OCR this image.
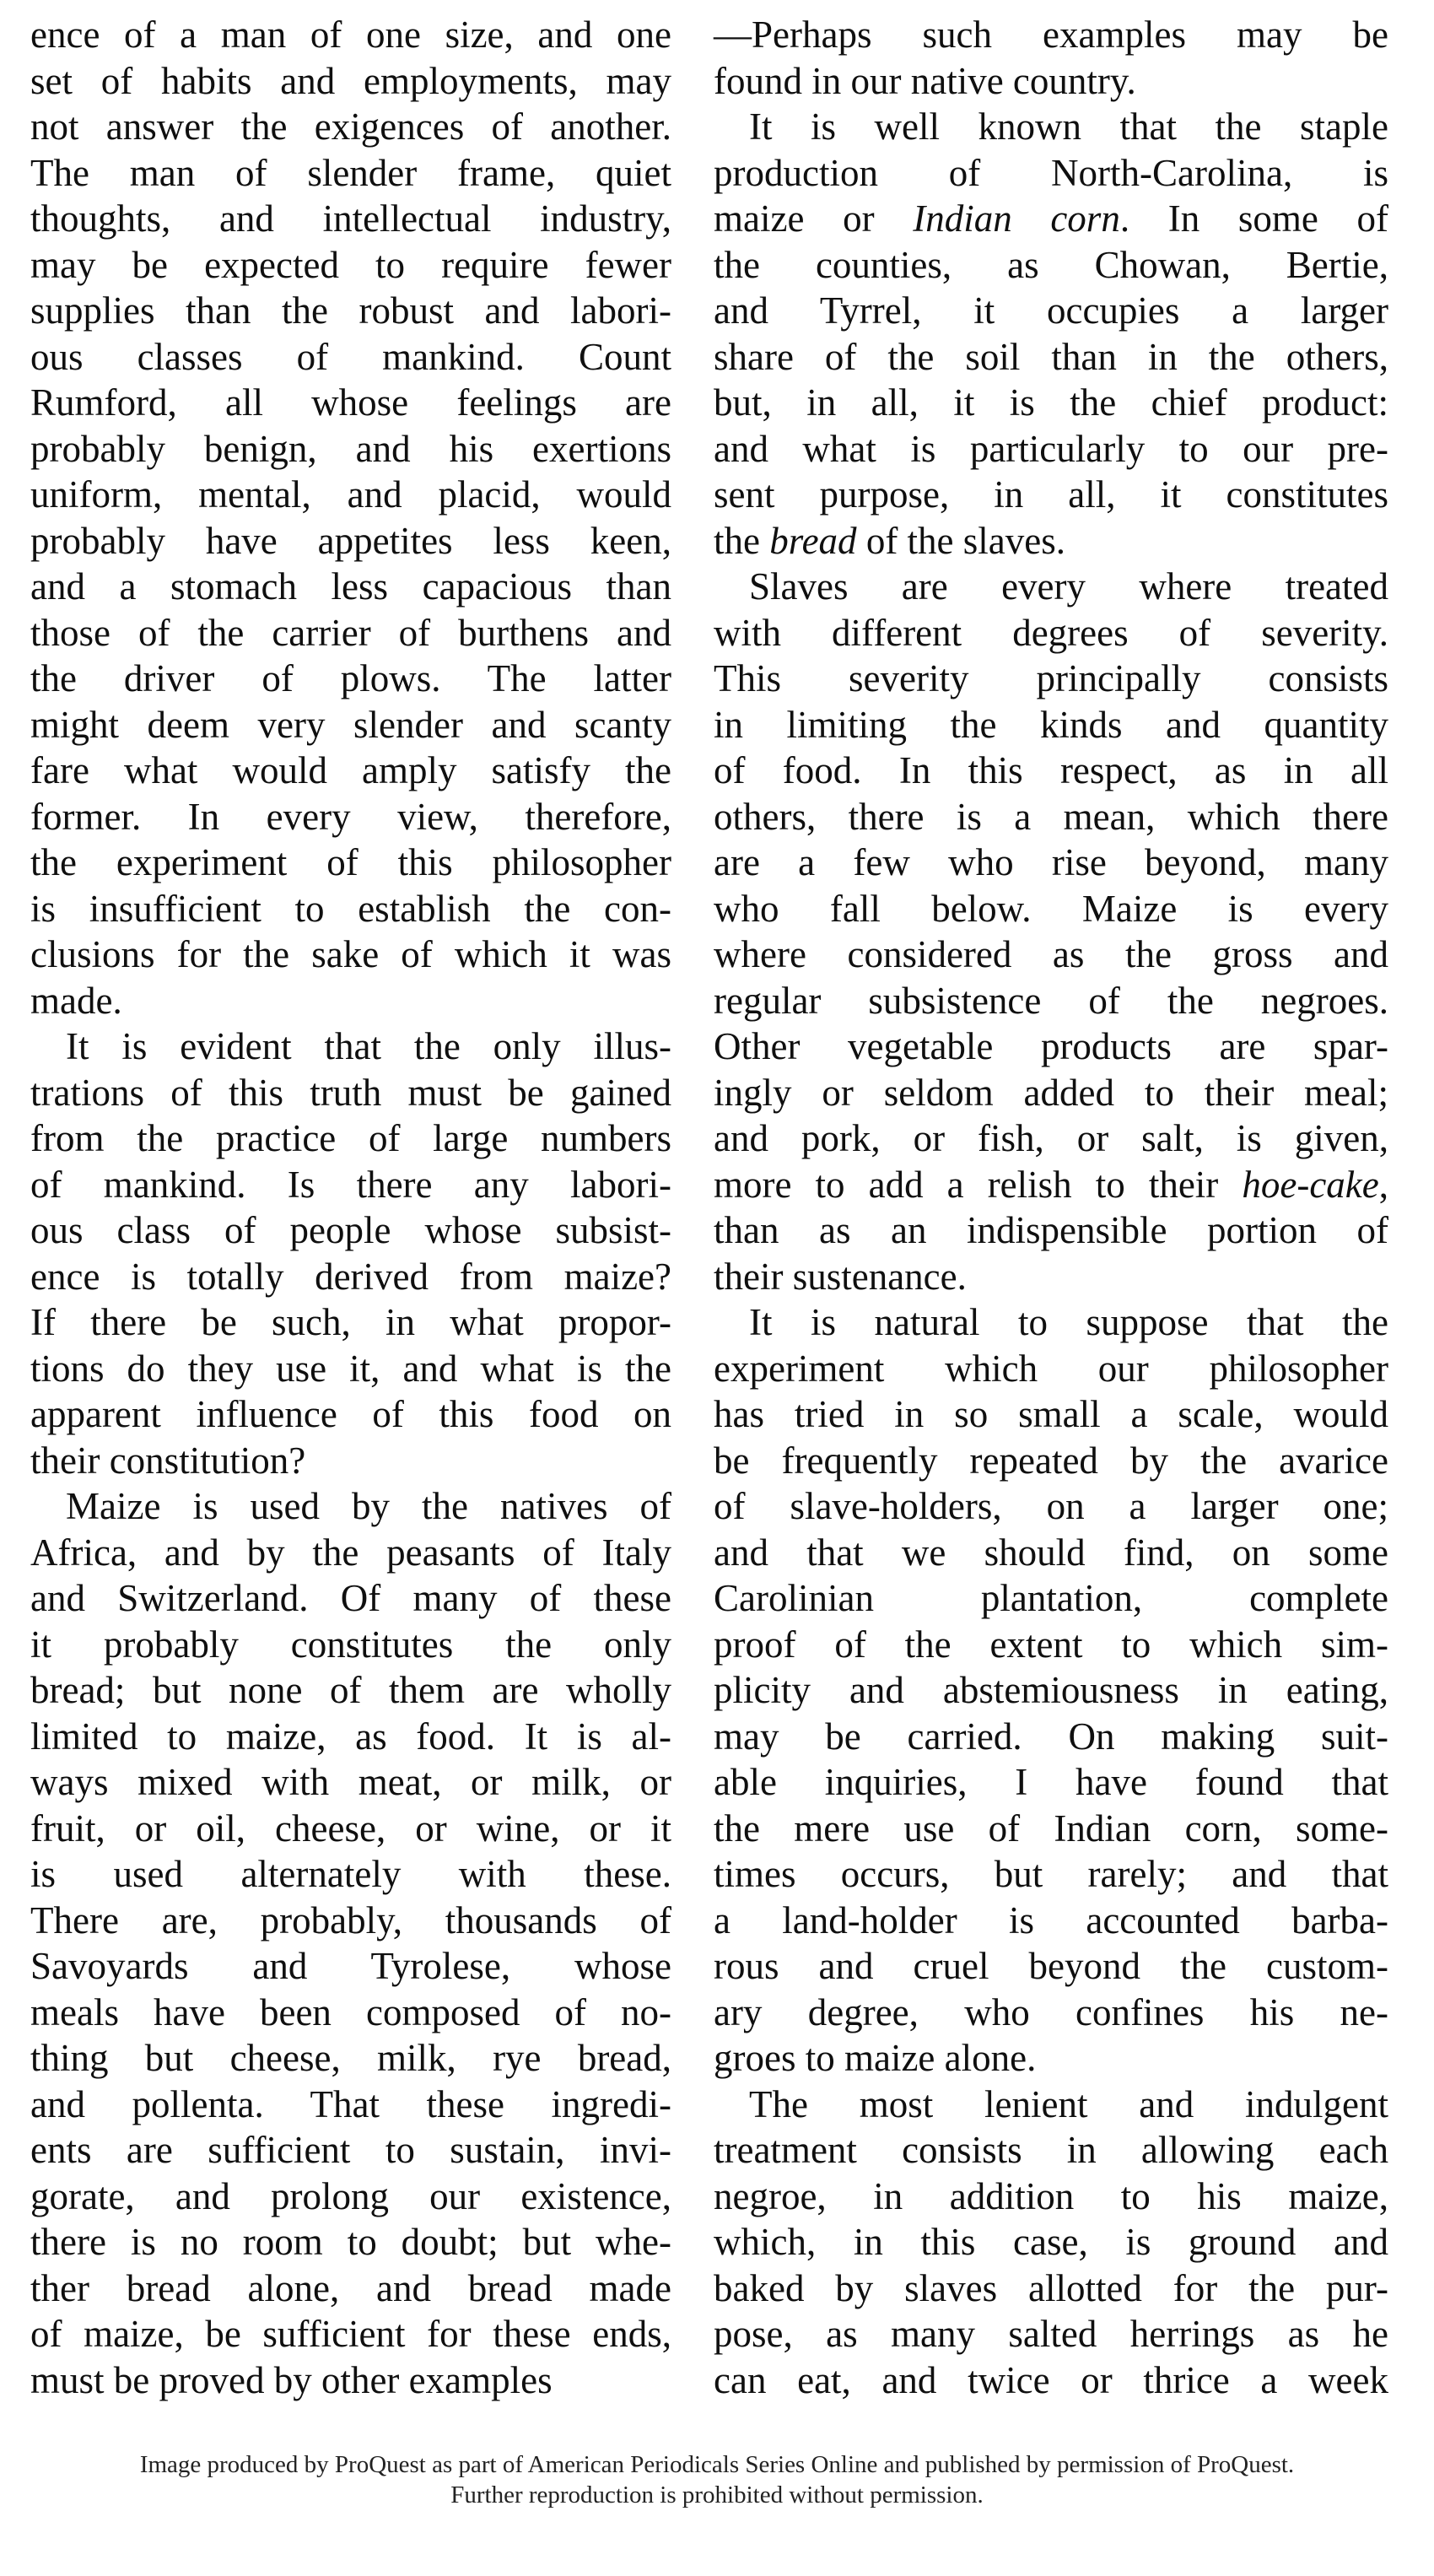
ence of a man of one size, and one
set of habits and employments, may
not answer the exigences of another.
The man of slender frame, quiet
thoughts, and intellectual industry,
may be expected to require fewer
supplies than the robust and labori-
ous classes of mankind. Count
Rumford, all whose feelings are
probably benign, and his exertions
uniform, mental, and placid, would
probably have appetites less keen,
and a stomach less capacious than
those of the carrier of burthens and
the driver of plows. The latter
might deem very slender and scanty
fare what would amply satisfy the
former. In every view, therefore,
the experiment of this philosopher
is insufficient to establish the con-
clusions for the sake of which it was
made.
It is evident that the only illus-
trations of this truth must be gained
from the practice of large numbers
of mankind. Is there any labori-
ous class of people whose subsist-
ence is totally derived from maize?
If there be such, in what propor-
tions do they use it, and what is the
apparent influence of this food on
their constitution?
Maize is used by the natives of
Africa, and by the peasants of Italy
and Switzerland. Of many of these
it probably constitutes the only
bread; but none of them are wholly
limited to maize, as food. It is al-
ways mixed with meat, or milk, or
fruit, or oil, cheese, or wine, or it
is used alternately with these.
There are, probably, thousands of
Savoyards and Tyrolese, whose
meals have been composed of no-
thing but cheese, milk, rye bread,
and pollenta. That these ingredi-
ents are sufficient to sustain, invi-
gorate, and prolong our existence,
there is no room to doubt; but whe-
ther bread alone, and bread made
of maize, be sufficient for these ends,
must be proved by other examples
—Perhaps such examples may be
found in our native country.
It is well known that the staple
production of North-Carolina, is
maize or Indian corn. In some of
the counties, as Chowan, Bertie,
and Tyrrel, it occupies a larger
share of the soil than in the others,
but, in all, it is the chief product:
and what is particularly to our pre-
sent purpose, in all, it constitutes
the bread of the slaves.
Slaves are every where treated
with different degrees of severity.
This severity principally consists
in limiting the kinds and quantity
of food. In this respect, as in all
others, there is a mean, which there
are a few who rise beyond, many
who fall below. Maize is every
where considered as the gross and
regular subsistence of the negroes.
Other vegetable products are spar-
ingly or seldom added to their meal;
and pork, or fish, or salt, is given,
more to add a relish to their hoe-cake,
than as an indispensible portion of
their sustenance.
It is natural to suppose that the
experiment which our philosopher
has tried in so small a scale, would
be frequently repeated by the avarice
of slave-holders, on a larger one;
and that we should find, on some
Carolinian plantation, complete
proof of the extent to which sim-
plicity and abstemiousness in eating,
may be carried. On making suit-
able inquiries, I have found that
the mere use of Indian corn, some-
times occurs, but rarely; and that
a land-holder is accounted barba-
rous and cruel beyond the custom-
ary degree, who confines his ne-
groes to maize alone.
The most lenient and indulgent
treatment consists in allowing each
negroe, in addition to his maize,
which, in this case, is ground and
baked by slaves allotted for the pur-
pose, as many salted herrings as he
can eat, and twice or thrice a week
Image produced by ProQuest as part of American Periodicals Series Online and published by permission of ProQuest.
Further reproduction is prohibited without permission.
